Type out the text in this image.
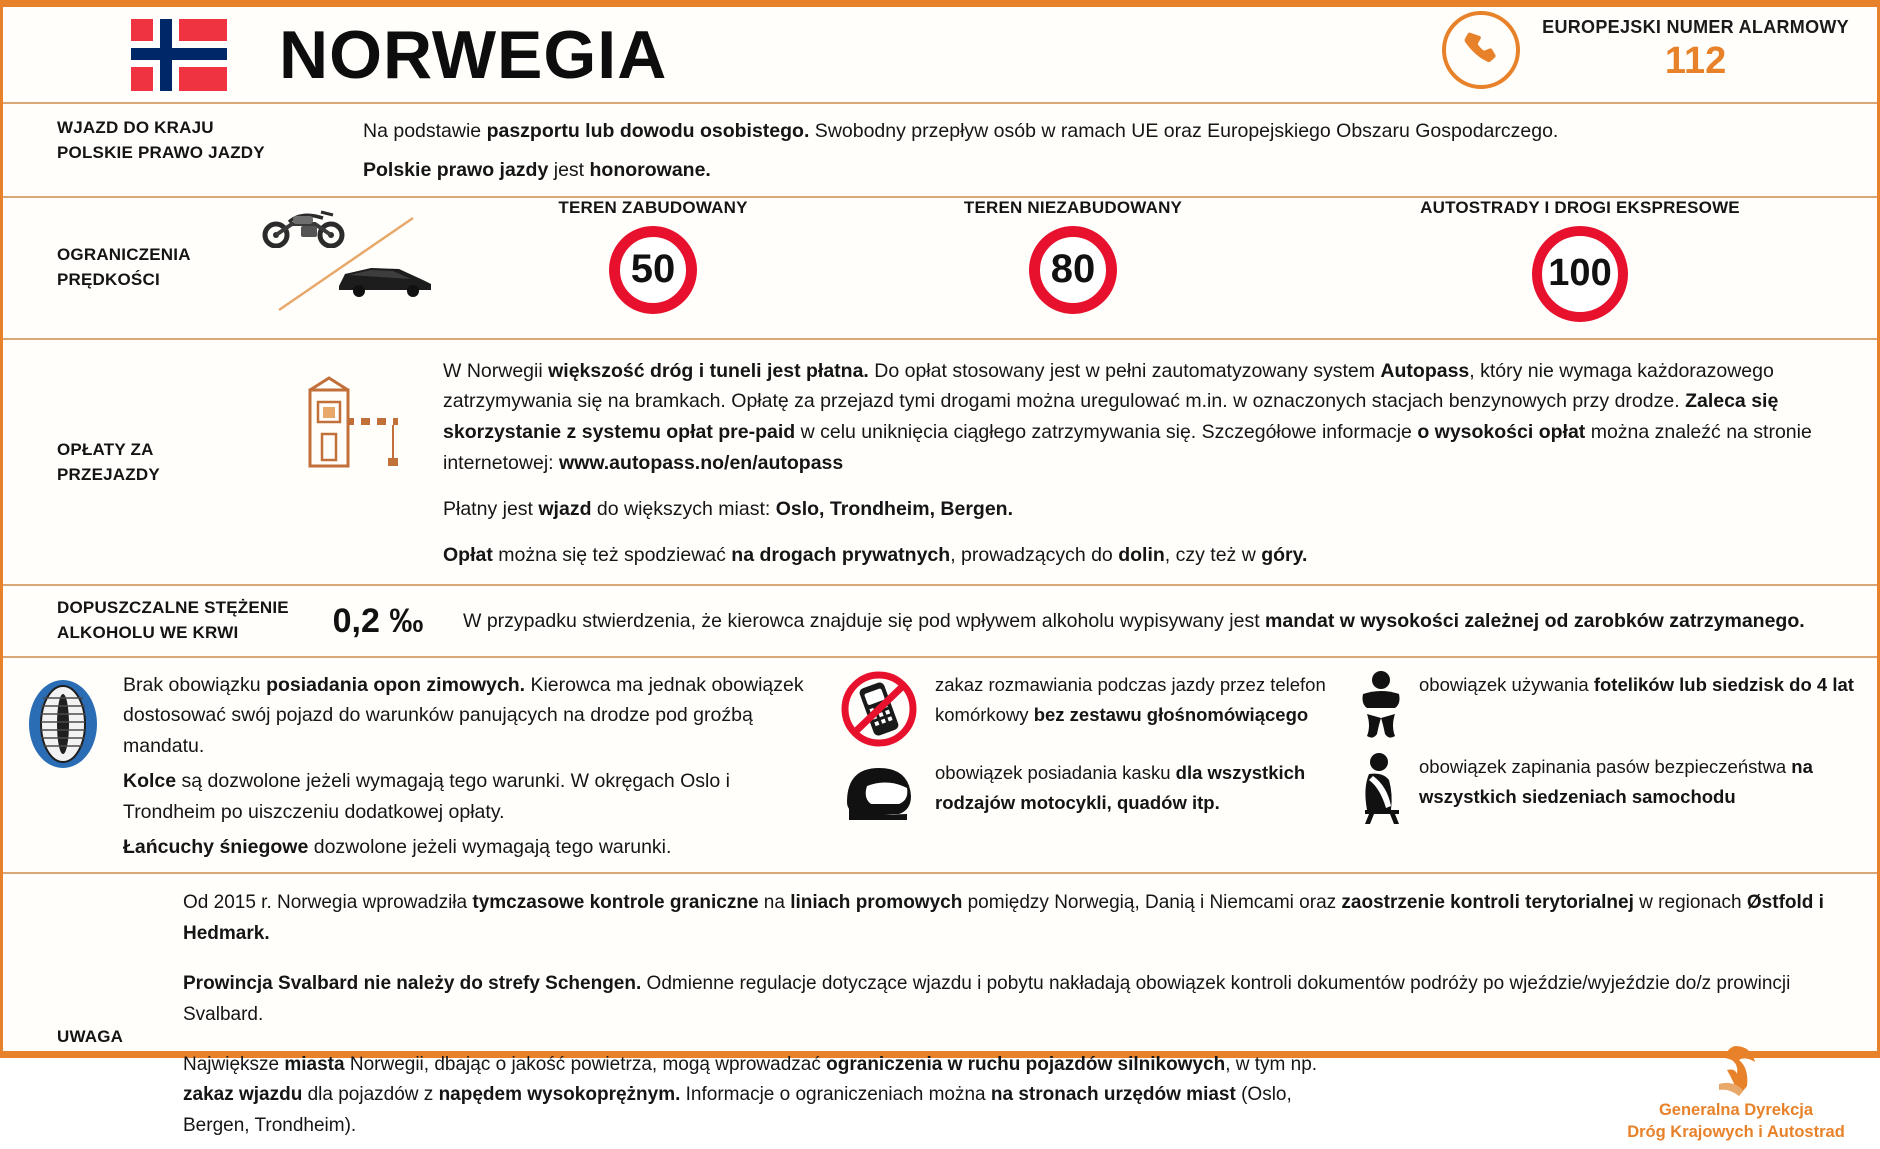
NORWEGIA	EUROPEJSKI NUMER ALARMOWY
112
WJAZD DO KRAJU
POLSKIE PRAWO JAZDY
Na podstawie paszportu lub dowodu osobistego. Swobodny przepływ osób w ramach UE oraz Europejskiego Obszaru Gospodarczego.
Polskie prawo jazdy jest honorowane.
OGRANICZENIA
PRĘDKOŚCI
TEREN ZABUDOWANY
50
TEREN NIEZABUDOWANY
80
AUTOSTRADY I DROGI EKSPRESOWE
100
OPŁATY ZA
PRZEJAZDY
W Norwegii większość dróg i tuneli jest płatna. Do opłat stosowany jest w pełni zautomatyzowany system Autopass, który nie wymaga każdorazowego zatrzymywania się na bramkach. Opłatę za przejazd tymi drogami można uregulować m.in. w oznaczonych stacjach benzynowych przy drodze. Zaleca się skorzystanie z systemu opłat pre-paid w celu uniknięcia ciągłego zatrzymywania się. Szczegółowe informacje o wysokości opłat można znaleźć na stronie internetowej: www.autopass.no/en/autopass
Płatny jest wjazd do większych miast: Oslo, Trondheim, Bergen.
Opłat można się też spodziewać na drogach prywatnych, prowadzących do dolin, czy też w góry.
DOPUSZCZALNE STĘŻENIE
ALKOHOLU WE KRWI	0,2 ‰	W przypadku stwierdzenia, że kierowca znajduje się pod wpływem alkoholu wypisywany jest mandat w wysokości zależnej od zarobków zatrzymanego.
Brak obowiązku posiadania opon zimowych. Kierowca ma jednak obowiązek dostosować swój pojazd do warunków panujących na drodze pod groźbą mandatu.
Kolce są dozwolone jeżeli wymagają tego warunki. W okręgach Oslo i Trondheim po uiszczeniu dodatkowej opłaty.
Łańcuchy śniegowe dozwolone jeżeli wymagają tego warunki.
zakaz rozmawiania podczas jazdy przez telefon komórkowy bez zestawu głośnomówiącego
obowiązek posiadania kasku dla wszystkich rodzajów motocykli, quadów itp.
obowiązek używania fotelików lub siedzisk do 4 lat
obowiązek zapinania pasów bezpieczeństwa na wszystkich siedzeniach samochodu
UWAGA
Od 2015 r. Norwegia wprowadziła tymczasowe kontrole graniczne na liniach promowych pomiędzy Norwegią, Danią i Niemcami oraz zaostrzenie kontroli terytorialnej w regionach Østfold i Hedmark.
Prowincja Svalbard nie należy do strefy Schengen. Odmienne regulacje dotyczące wjazdu i pobytu nakładają obowiązek kontroli dokumentów podróży po wjeździe/wyjeździe do/z prowincji Svalbard.
Największe miasta Norwegii, dbając o jakość powietrza, mogą wprowadzać ograniczenia w ruchu pojazdów silnikowych, w tym np. zakaz wjazdu dla pojazdów z napędem wysokoprężnym. Informacje o ograniczeniach można na stronach urzędów miast (Oslo, Bergen, Trondheim).
Generalna Dyrekcja
Dróg Krajowych i Autostrad
